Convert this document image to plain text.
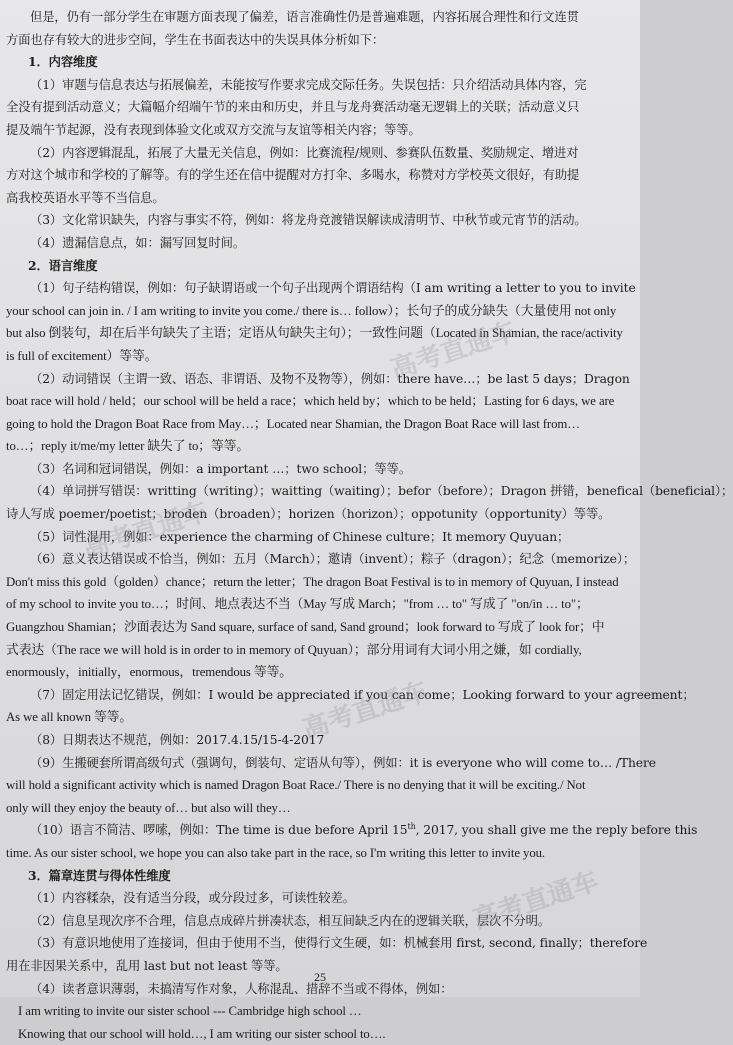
但是，仍有一部分学生在审题方面表现了偏差，语言准确性仍是普遍难题，内容拓展合理性和行文连贯
方面也存有较大的进步空间，学生在书面表达中的失误具体分析如下：
1．内容维度
（1）审题与信息表达与拓展偏差，未能按写作要求完成交际任务。失误包括：只介绍活动具体内容，完
全没有提到活动意义；大篇幅介绍端午节的来由和历史，并且与龙舟赛活动毫无逻辑上的关联；活动意义只
提及端午节起源，没有表现到体验文化或双方交流与友谊等相关内容；等等。
（2）内容逻辑混乱，拓展了大量无关信息，例如：比赛流程/规则、参赛队伍数量、奖励规定、增进对
方对这个城市和学校的了解等。有的学生还在信中提醒对方打伞、多喝水，称赞对方学校英文很好，有助提
高我校英语水平等不当信息。
（3）文化常识缺失，内容与事实不符，例如：将龙舟竞渡错误解读成清明节、中秋节或元宵节的活动。
（4）遗漏信息点，如：漏写回复时间。
2．语言维度
（1）句子结构错误，例如：句子缺谓语或一个句子出现两个谓语结构（I am writing a letter to you to invite
your school can join in. / I am writing to invite you come./ there is… follow）；长句子的成分缺失（大量使用 not only
but also 倒装句，却在后半句缺失了主语；定语从句缺失主句）；一致性问题（Located in Shamian, the race/activity
is full of excitement）等等。
（2）动词错误（主谓一致、语态、非谓语、及物不及物等），例如：there have…；be last 5 days；Dragon
boat race will hold / held；our school will be held a race；which held by；which to be held；Lasting for 6 days, we are
going to hold the Dragon Boat Race from May…；Located near Shamian, the Dragon Boat Race will last from…
to…；reply it/me/my letter 缺失了 to；等等。
（3）名词和冠词错误，例如：a important …；two school；等等。
（4）单词拼写错误：writting（writing）；waitting（waiting）；befor（before）；Dragon 拼错，benefical（beneficial）；
诗人写成 poemer/poetist；broden（broaden）；horizen（horizon）；oppotunity（opportunity）等等。
（5）词性混用，例如：experience the charming of Chinese culture；It memory Quyuan；
（6）意义表达错误或不恰当，例如：五月（March）；邀请（invent）；粽子（dragon）；纪念（memorize）；
Don't miss this gold（golden）chance；return the letter；The dragon Boat Festival is to in memory of Quyuan, I instead
of my school to invite you to…；时间、地点表达不当（May 写成 March；"from … to" 写成了 "on/in … to"；
Guangzhou Shamian；沙面表达为 Sand square, surface of sand, Sand ground；look forward to 写成了 look for；中
式表达（The race we will hold is in order to in memory of Quyuan）；部分用词有大词小用之嫌，如 cordially,
enormously，initially，enormous，tremendous 等等。
（7）固定用法记忆错误，例如：I would be appreciated if you can come；Looking forward to your agreement；
As we all known 等等。
（8）日期表达不规范，例如：2017.4.15/15-4-2017
（9）生搬硬套所谓高级句式（强调句，倒装句、定语从句等），例如：it is everyone who will come to… /There
will hold a significant activity which is named Dragon Boat Race./ There is no denying that it will be exciting./ Not
only will they enjoy the beauty of… but also will they…
（10）语言不简洁、啰嗦，例如：The time is due before April 15th, 2017, you shall give me the reply before this
time. As our sister school, we hope you can also take part in the race, so I'm writing this letter to invite you.
3．篇章连贯与得体性维度
（1）内容糅杂，没有适当分段，或分段过多，可读性较差。
（2）信息呈现次序不合理，信息点成碎片拼凑状态，相互间缺乏内在的逻辑关联，层次不分明。
（3）有意识地使用了连接词，但由于使用不当，使得行文生硬，如：机械套用 first, second, finally；therefore
用在非因果关系中，乱用 last but not least 等等。
（4）读者意识薄弱，未搞清写作对象，人称混乱、措辞不当或不得体，例如：
I am writing to invite our sister school --- Cambridge high school …
Knowing that our school will hold…, I am writing our sister school to….
高考直通车
高考直通车
高考直通车
高考直通车
25
